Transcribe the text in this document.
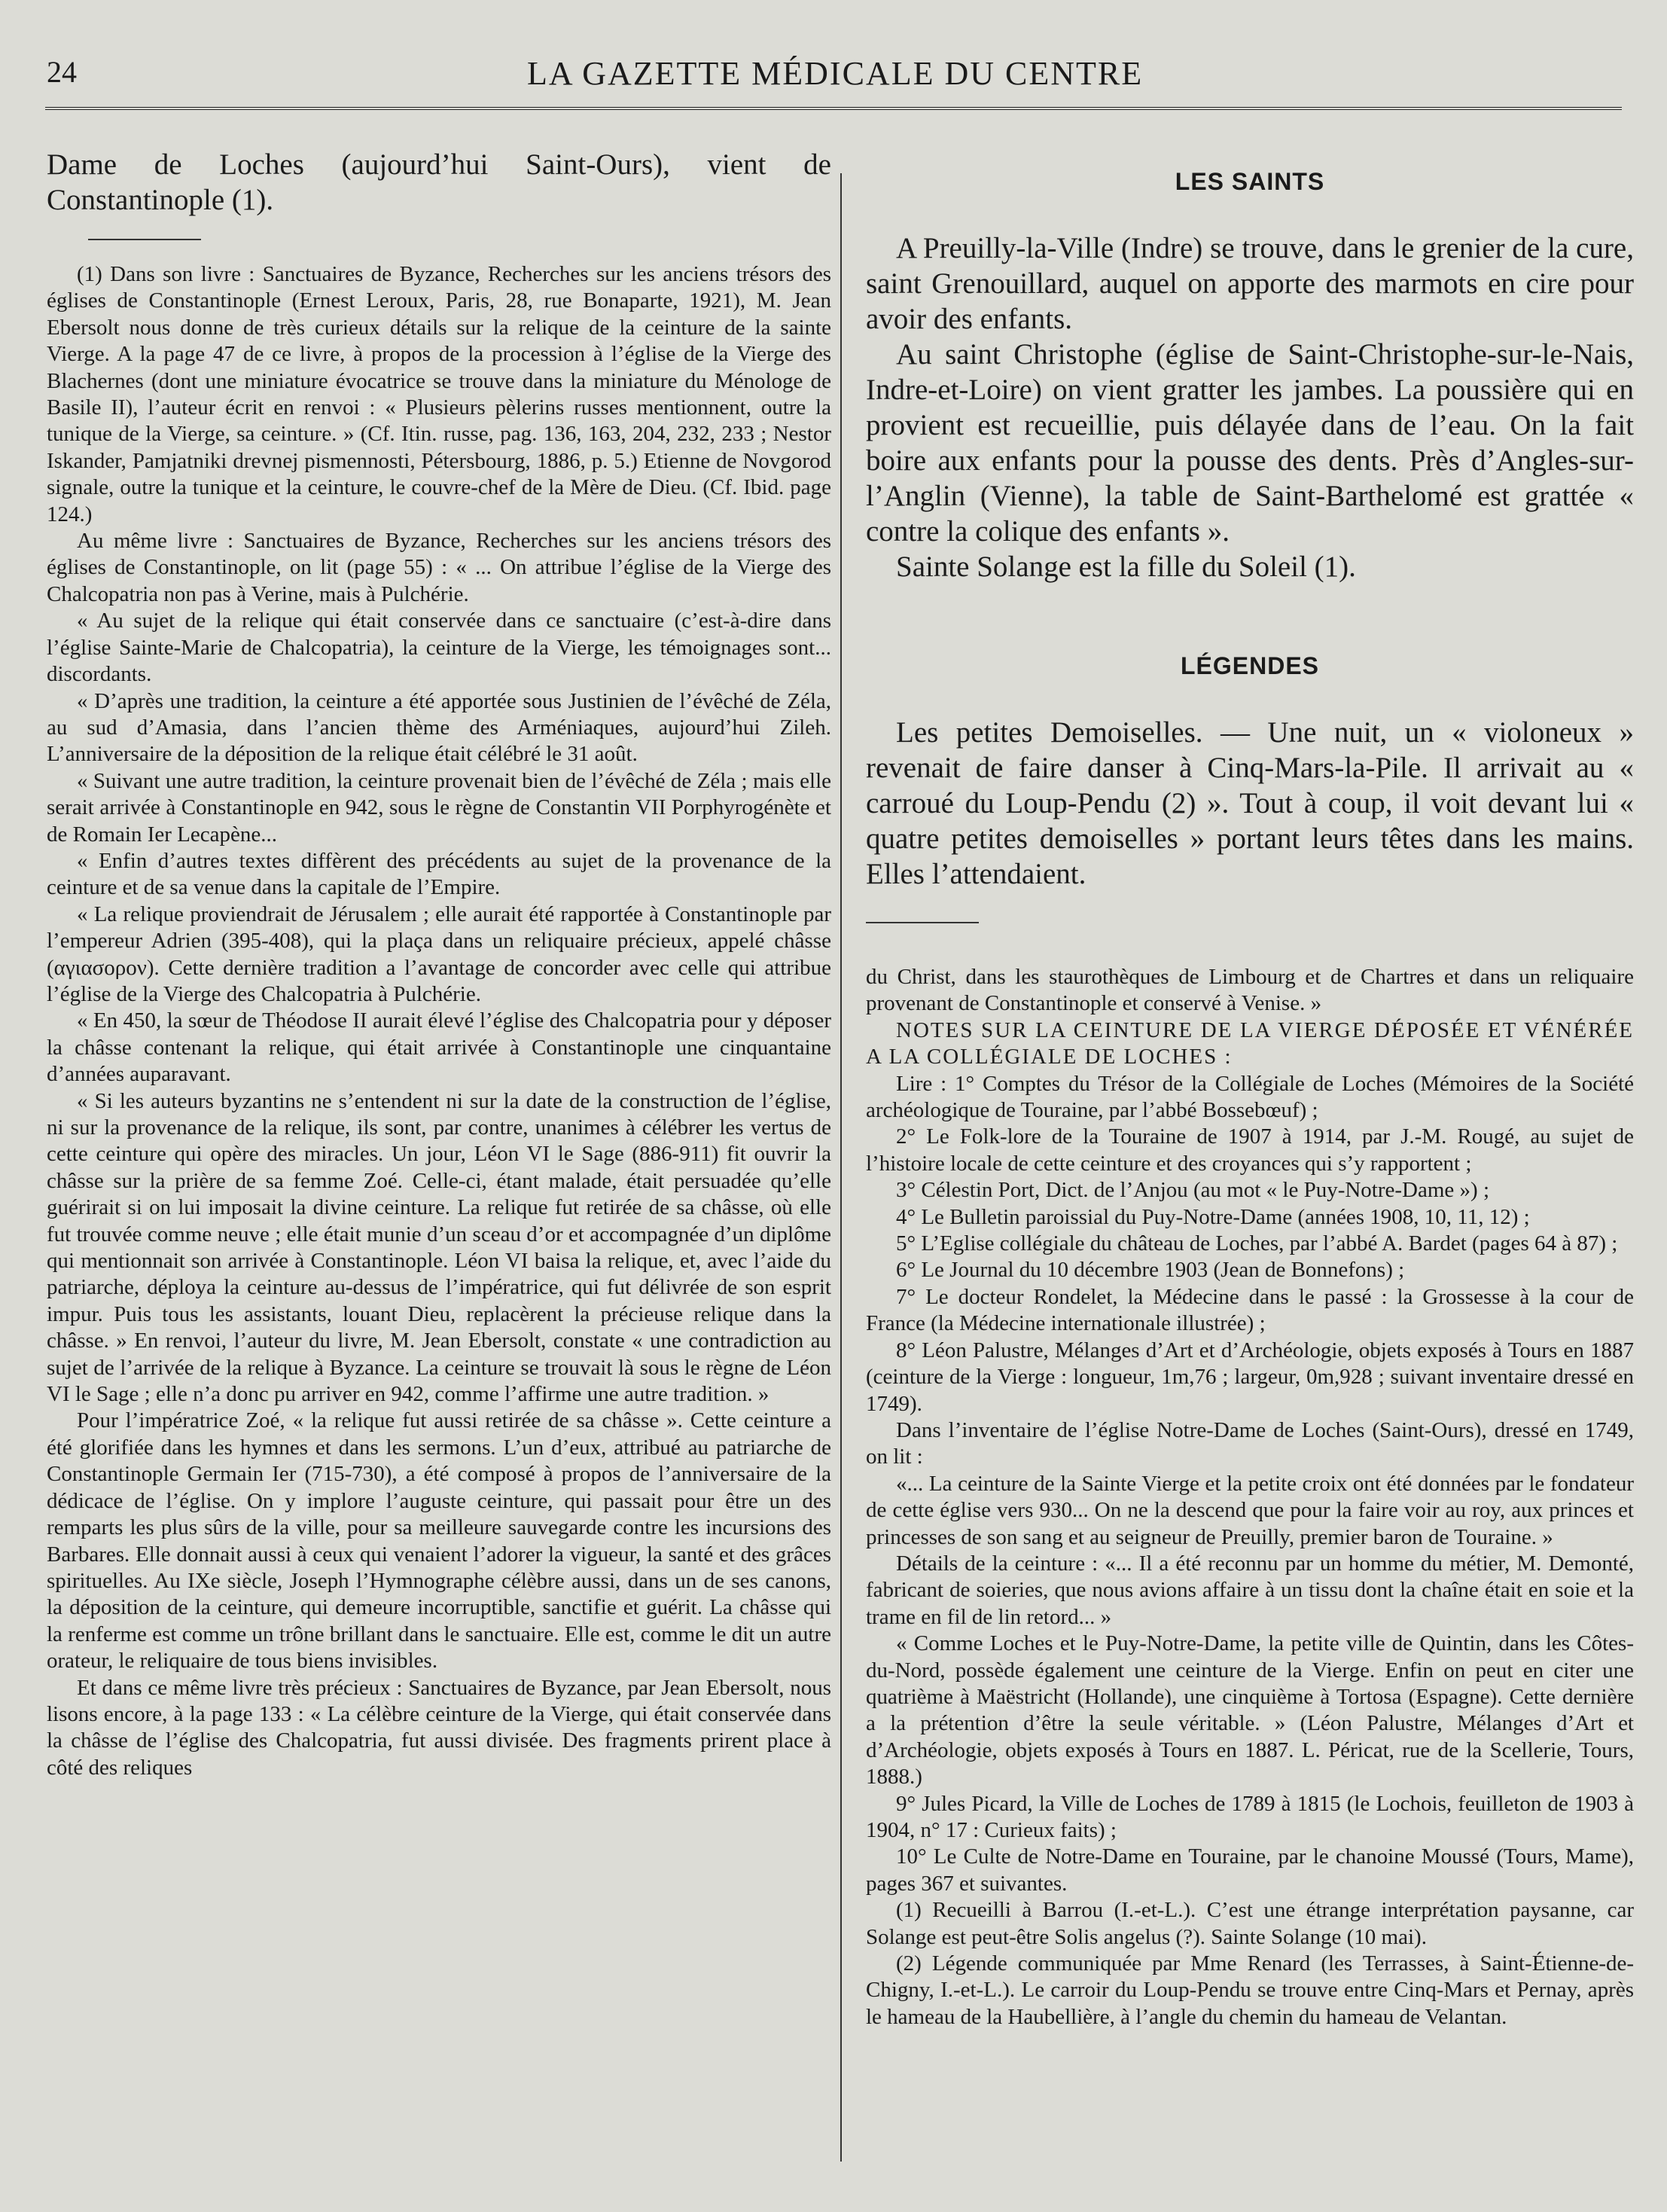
24	LA GAZETTE MÉDICALE DU CENTRE

Dame de Loches (aujourd’hui Saint-Ours), vient de Constantinople (1).

(1) Dans son livre : Sanctuaires de Byzance, Recherches sur les anciens trésors des églises de Constantinople (Ernest Leroux, Paris, 28, rue Bonaparte, 1921), M. Jean Ebersolt nous donne de très curieux détails sur la relique de la ceinture de la sainte Vierge. A la page 47 de ce livre, à propos de la procession à l’église de la Vierge des Blachernes (dont une miniature évocatrice se trouve dans la miniature du Ménologe de Basile II), l’auteur écrit en renvoi : « Plusieurs pèlerins russes mentionnent, outre la tunique de la Vierge, sa ceinture. » (Cf. Itin. russe, pag. 136, 163, 204, 232, 233 ; Nestor Iskander, Pamjatniki drevnej pismennosti, Pétersbourg, 1886, p. 5.) Etienne de Novgorod signale, outre la tunique et la ceinture, le couvre-chef de la Mère de Dieu. (Cf. Ibid. page 124.)

Au même livre : Sanctuaires de Byzance, Recherches sur les anciens trésors des églises de Constantinople, on lit (page 55) : « ... On attribue l’église de la Vierge des Chalcopatria non pas à Verine, mais à Pulchérie.

« Au sujet de la relique qui était conservée dans ce sanctuaire (c’est-à-dire dans l’église Sainte-Marie de Chalcopatria), la ceinture de la Vierge, les témoignages sont... discordants.

« D’après une tradition, la ceinture a été apportée sous Justinien de l’évêché de Zéla, au sud d’Amasia, dans l’ancien thème des Arméniaques, aujourd’hui Zileh. L’anniversaire de la déposition de la relique était célébré le 31 août.

« Suivant une autre tradition, la ceinture provenait bien de l’évêché de Zéla ; mais elle serait arrivée à Constantinople en 942, sous le règne de Constantin VII Porphyrogénète et de Romain Ier Lecapène...

« Enfin d’autres textes diffèrent des précédents au sujet de la provenance de la ceinture et de sa venue dans la capitale de l’Empire.

« La relique proviendrait de Jérusalem ; elle aurait été rapportée à Constantinople par l’empereur Adrien (395-408), qui la plaça dans un reliquaire précieux, appelé châsse (αγιασορον). Cette dernière tradition a l’avantage de concorder avec celle qui attribue l’église de la Vierge des Chalcopatria à Pulchérie.

« En 450, la sœur de Théodose II aurait élevé l’église des Chalcopatria pour y déposer la châsse contenant la relique, qui était arrivée à Constantinople une cinquantaine d’années auparavant.

« Si les auteurs byzantins ne s’entendent ni sur la date de la construction de l’église, ni sur la provenance de la relique, ils sont, par contre, unanimes à célébrer les vertus de cette ceinture qui opère des miracles. Un jour, Léon VI le Sage (886-911) fit ouvrir la châsse sur la prière de sa femme Zoé. Celle-ci, étant malade, était persuadée qu’elle guérirait si on lui imposait la divine ceinture. La relique fut retirée de sa châsse, où elle fut trouvée comme neuve ; elle était munie d’un sceau d’or et accompagnée d’un diplôme qui mentionnait son arrivée à Constantinople. Léon VI baisa la relique, et, avec l’aide du patriarche, déploya la ceinture au-dessus de l’impératrice, qui fut délivrée de son esprit impur. Puis tous les assistants, louant Dieu, replacèrent la précieuse relique dans la châsse. » En renvoi, l’auteur du livre, M. Jean Ebersolt, constate « une contradiction au sujet de l’arrivée de la relique à Byzance. La ceinture se trouvait là sous le règne de Léon VI le Sage ; elle n’a donc pu arriver en 942, comme l’affirme une autre tradition. »

Pour l’impératrice Zoé, « la relique fut aussi retirée de sa châsse ». Cette ceinture a été glorifiée dans les hymnes et dans les sermons. L’un d’eux, attribué au patriarche de Constantinople Germain Ier (715-730), a été composé à propos de l’anniversaire de la dédicace de l’église. On y implore l’auguste ceinture, qui passait pour être un des remparts les plus sûrs de la ville, pour sa meilleure sauvegarde contre les incursions des Barbares. Elle donnait aussi à ceux qui venaient l’adorer la vigueur, la santé et des grâces spirituelles. Au IXe siècle, Joseph l’Hymnographe célèbre aussi, dans un de ses canons, la déposition de la ceinture, qui demeure incorruptible, sanctifie et guérit. La châsse qui la renferme est comme un trône brillant dans le sanctuaire. Elle est, comme le dit un autre orateur, le reliquaire de tous biens invisibles.

Et dans ce même livre très précieux : Sanctuaires de Byzance, par Jean Ebersolt, nous lisons encore, à la page 133 : « La célèbre ceinture de la Vierge, qui était conservée dans la châsse de l’église des Chalcopatria, fut aussi divisée. Des fragments prirent place à côté des reliques

LES SAINTS

A Preuilly-la-Ville (Indre) se trouve, dans le grenier de la cure, saint Grenouillard, auquel on apporte des marmots en cire pour avoir des enfants.

Au saint Christophe (église de Saint-Christophe-sur-le-Nais, Indre-et-Loire) on vient gratter les jambes. La poussière qui en provient est recueillie, puis délayée dans de l’eau. On la fait boire aux enfants pour la pousse des dents. Près d’Angles-sur-l’Anglin (Vienne), la table de Saint-Barthelomé est grattée « contre la colique des enfants ».

Sainte Solange est la fille du Soleil (1).

LÉGENDES

Les petites Demoiselles. — Une nuit, un « violoneux » revenait de faire danser à Cinq-Mars-la-Pile. Il arrivait au « carroué du Loup-Pendu (2) ». Tout à coup, il voit devant lui « quatre petites demoiselles » portant leurs têtes dans les mains. Elles l’attendaient.

du Christ, dans les staurothèques de Limbourg et de Chartres et dans un reliquaire provenant de Constantinople et conservé à Venise. »

NOTES SUR LA CEINTURE DE LA VIERGE DÉPOSÉE ET VÉNÉRÉE A LA COLLÉGIALE DE LOCHES :

Lire : 1° Comptes du Trésor de la Collégiale de Loches (Mémoires de la Société archéologique de Touraine, par l’abbé Bossebœuf) ;

2° Le Folk-lore de la Touraine de 1907 à 1914, par J.-M. Rougé, au sujet de l’histoire locale de cette ceinture et des croyances qui s’y rapportent ;

3° Célestin Port, Dict. de l’Anjou (au mot « le Puy-Notre-Dame ») ;

4° Le Bulletin paroissial du Puy-Notre-Dame (années 1908, 10, 11, 12) ;

5° L’Eglise collégiale du château de Loches, par l’abbé A. Bardet (pages 64 à 87) ;

6° Le Journal du 10 décembre 1903 (Jean de Bonnefons) ;

7° Le docteur Rondelet, la Médecine dans le passé : la Grossesse à la cour de France (la Médecine internationale illustrée) ;

8° Léon Palustre, Mélanges d’Art et d’Archéologie, objets exposés à Tours en 1887 (ceinture de la Vierge : longueur, 1m,76 ; largeur, 0m,928 ; suivant inventaire dressé en 1749).

Dans l’inventaire de l’église Notre-Dame de Loches (Saint-Ours), dressé en 1749, on lit :

«... La ceinture de la Sainte Vierge et la petite croix ont été données par le fondateur de cette église vers 930... On ne la descend que pour la faire voir au roy, aux princes et princesses de son sang et au seigneur de Preuilly, premier baron de Touraine. »

Détails de la ceinture : «... Il a été reconnu par un homme du métier, M. Demonté, fabricant de soieries, que nous avions affaire à un tissu dont la chaîne était en soie et la trame en fil de lin retord... »

« Comme Loches et le Puy-Notre-Dame, la petite ville de Quintin, dans les Côtes-du-Nord, possède également une ceinture de la Vierge. Enfin on peut en citer une quatrième à Maëstricht (Hollande), une cinquième à Tortosa (Espagne). Cette dernière a la prétention d’être la seule véritable. » (Léon Palustre, Mélanges d’Art et d’Archéologie, objets exposés à Tours en 1887. L. Péricat, rue de la Scellerie, Tours, 1888.)

9° Jules Picard, la Ville de Loches de 1789 à 1815 (le Lochois, feuilleton de 1903 à 1904, n° 17 : Curieux faits) ;

10° Le Culte de Notre-Dame en Touraine, par le chanoine Moussé (Tours, Mame), pages 367 et suivantes.

(1) Recueilli à Barrou (I.-et-L.). C’est une étrange interprétation paysanne, car Solange est peut-être Solis angelus (?). Sainte Solange (10 mai).

(2) Légende communiquée par Mme Renard (les Terrasses, à Saint-Étienne-de-Chigny, I.-et-L.). Le carroir du Loup-Pendu se trouve entre Cinq-Mars et Pernay, après le hameau de la Haubellière, à l’angle du chemin du hameau de Velantan.
